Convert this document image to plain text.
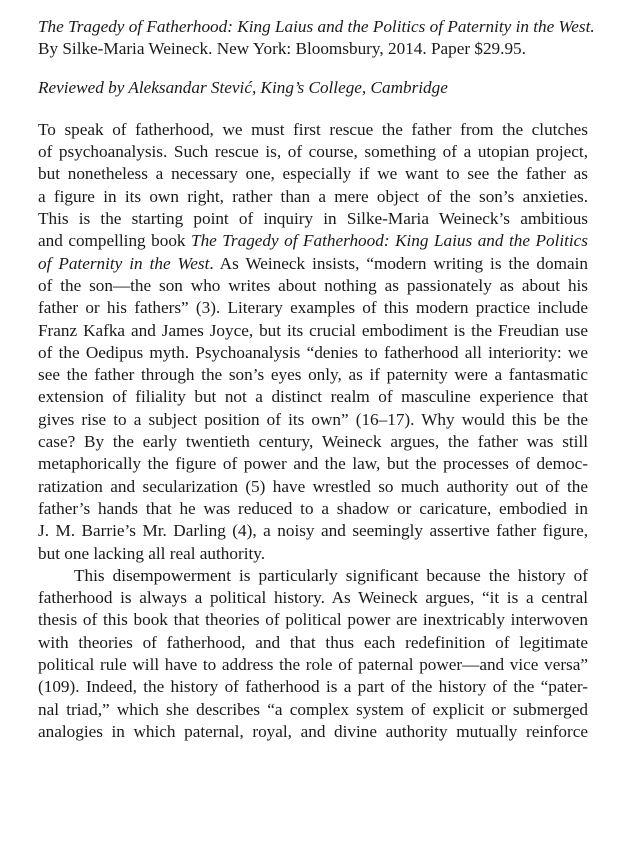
The Tragedy of Fatherhood: King Laius and the Politics of Paternity in the West.
By Silke-Maria Weineck. New York: Bloomsbury, 2014. Paper $29.95.
Reviewed by Aleksandar Stević, King’s College, Cambridge
To speak of fatherhood, we must first rescue the father from the clutches
of psychoanalysis. Such rescue is, of course, something of a utopian project,
but nonetheless a necessary one, especially if we want to see the father as
a figure in its own right, rather than a mere object of the son’s anxieties.
This is the starting point of inquiry in Silke-Maria Weineck’s ambitious
and compelling book The Tragedy of Fatherhood: King Laius and the Politics
of Paternity in the West. As Weineck insists, “modern writing is the domain
of the son—the son who writes about nothing as passionately as about his
father or his fathers” (3). Literary examples of this modern practice include
Franz Kafka and James Joyce, but its crucial embodiment is the Freudian use
of the Oedipus myth. Psychoanalysis “denies to fatherhood all interiority: we
see the father through the son’s eyes only, as if paternity were a fantasmatic
extension of filiality but not a distinct realm of masculine experience that
gives rise to a subject position of its own” (16–17). Why would this be the
case? By the early twentieth century, Weineck argues, the father was still
metaphorically the figure of power and the law, but the processes of democ-
ratization and secularization (5) have wrestled so much authority out of the
father’s hands that he was reduced to a shadow or caricature, embodied in
J. M. Barrie’s Mr. Darling (4), a noisy and seemingly assertive father figure,
but one lacking all real authority.
This disempowerment is particularly significant because the history of
fatherhood is always a political history. As Weineck argues, “it is a central
thesis of this book that theories of political power are inextricably interwoven
with theories of fatherhood, and that thus each redefinition of legitimate
political rule will have to address the role of paternal power—and vice versa”
(109). Indeed, the history of fatherhood is a part of the history of the “pater-
nal triad,” which she describes “a complex system of explicit or submerged
analogies in which paternal, royal, and divine authority mutually reinforce
